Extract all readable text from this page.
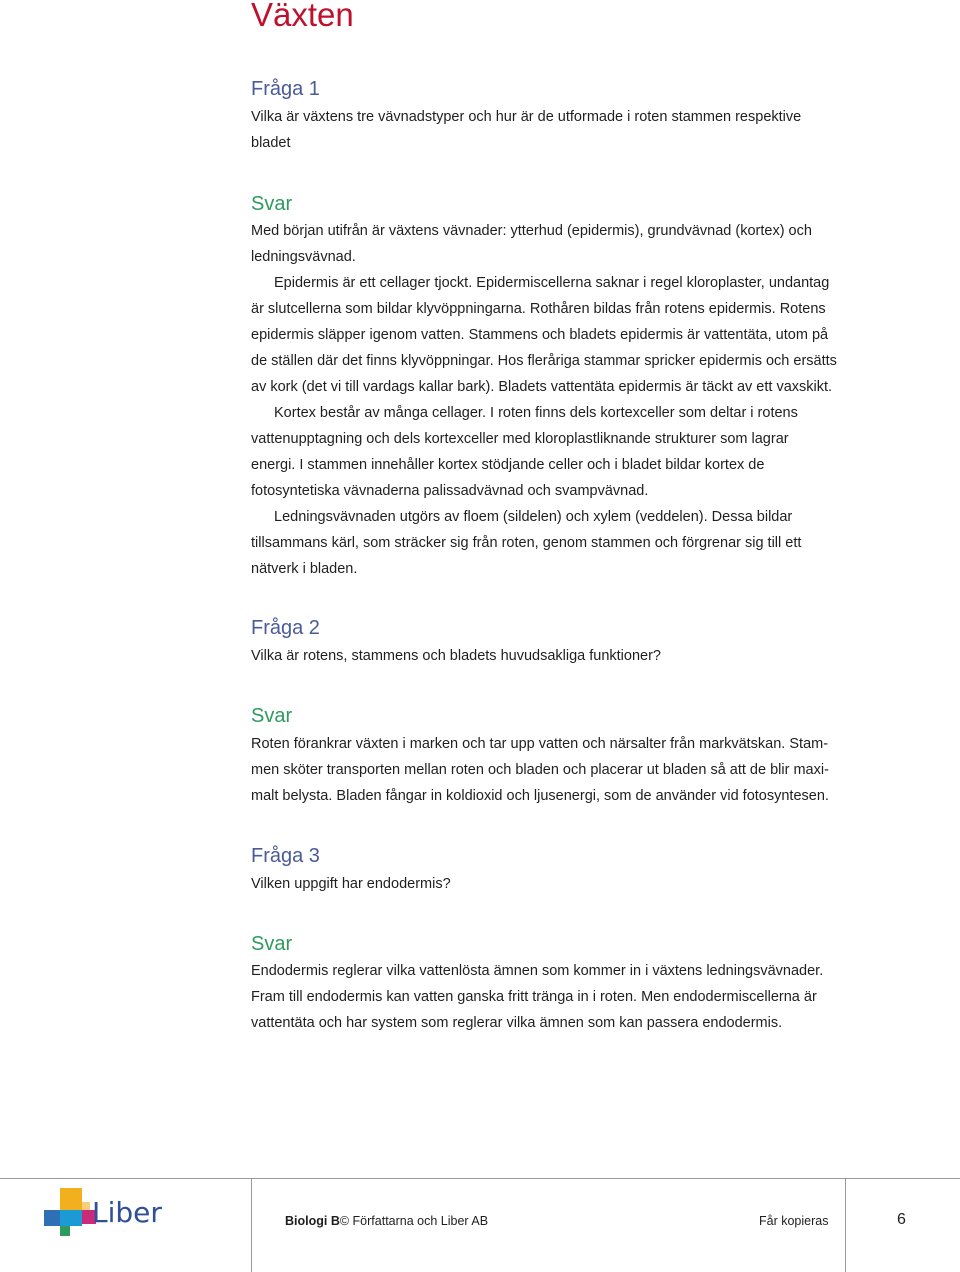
Växten
Fråga 1
Vilka är växtens tre vävnadstyper och hur är de utformade i roten stammen respektive
bladet
Svar
Med början utifrån är växtens vävnader: ytterhud (epidermis), grundvävnad (kortex) och
ledningsvävnad.
Epidermis är ett cellager tjockt. Epidermiscellerna saknar i regel kloroplaster, undantag
är slutcellerna som bildar klyvöppningarna. Rothåren bildas från rotens epidermis. Rotens
epidermis släpper igenom vatten. Stammens och bladets epidermis är vattentäta, utom på
de ställen där det finns klyvöppningar. Hos fleråriga stammar spricker epidermis och ersätts
av kork (det vi till vardags kallar bark). Bladets vattentäta epidermis är täckt av ett vaxskikt.
Kortex består av många cellager. I roten finns dels kortexceller som deltar i rotens
vattenupptagning och dels kortexceller med kloroplastliknande strukturer som lagrar
energi. I stammen innehåller kortex stödjande celler och i bladet bildar kortex de
fotosyntetiska vävnaderna palissadvävnad och svampvävnad.
Ledningsvävnaden utgörs av floem (sildelen) och xylem (veddelen). Dessa bildar
tillsammans kärl, som sträcker sig från roten, genom stammen och förgrenar sig till ett
nätverk i bladen.
Fråga 2
Vilka är rotens, stammens och bladets huvudsakliga funktioner?
Svar
Roten förankrar växten i marken och tar upp vatten och närsalter från markvätskan. Stam-
men sköter transporten mellan roten och bladen och placerar ut bladen så att de blir maxi-
malt belysta. Bladen fångar in koldioxid och ljusenergi, som de använder vid fotosyntesen.
Fråga 3
Vilken uppgift har endodermis?
Svar
Endodermis reglerar vilka vattenlösta ämnen som kommer in i växtens ledningsvävnader.
Fram till endodermis kan vatten ganska fritt tränga in i roten. Men endodermiscellerna är
vattentäta och har system som reglerar vilka ämnen som kan passera endodermis.
Liber	Biologi B© Författarna och Liber AB	Får kopieras	6
